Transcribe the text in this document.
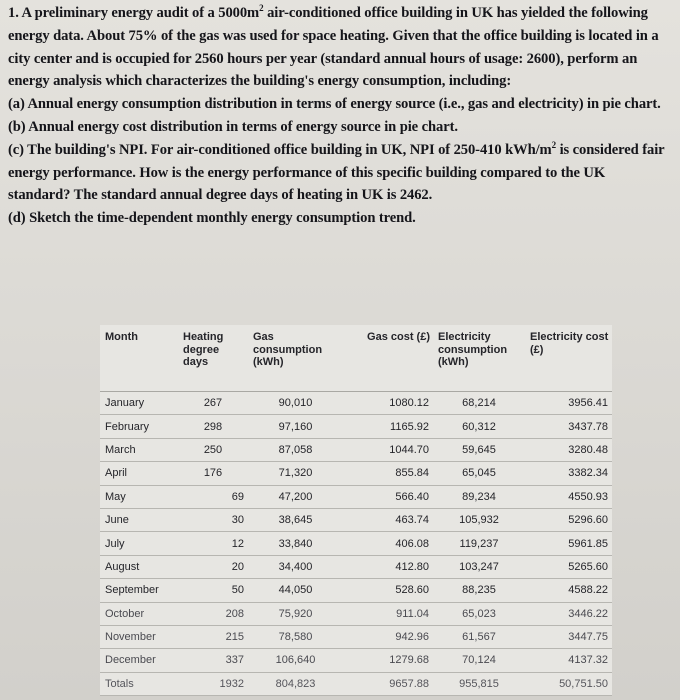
1. A preliminary energy audit of a $5000m^2$ air-conditioned office building in UK has yielded the following energy data. About 75% of the gas was used for space heating. Given that the office building is located in a city center and is occupied for 2560 hours per year (standard annual hours of usage: 2600), perform an energy analysis which characterizes the building's energy consumption, including:

(a) Annual energy consumption distribution in terms of energy source (i.e., gas and electricity) in pie chart.

(b) Annual energy cost distribution in terms of energy source in pie chart.

(c) The building's NPI. For air-conditioned office building in UK, NPI of 250-410 kWh/$m^2$ is considered fair energy performance. How is the energy performance of this specific building compared to the UK standard? The standard annual degree days of heating in UK is 2462.

(d) Sketch the time-dependent monthly energy consumption trend.

Month	Heating degree days	Gas consumption (kWh)	Gas cost (£)	Electricity consumption (kWh)	Electricity cost (£)
January	267	90,010	1080.12	68,214	3956.41
February	298	97,160	1165.92	60,312	3437.78
March	250	87,058	1044.70	59,645	3280.48
April	176	71,320	855.84	65,045	3382.34
May	69	47,200	566.40	89,234	4550.93
June	30	38,645	463.74	105,932	5296.60
July	12	33,840	406.08	119,237	5961.85
August	20	34,400	412.80	103,247	5265.60
September	50	44,050	528.60	88,235	4588.22
October	208	75,920	911.04	65,023	3446.22
November	215	78,580	942.96	61,567	3447.75
December	337	106,640	1279.68	70,124	4137.32
Totals	1932	804,823	9657.88	955,815	50,751.50
